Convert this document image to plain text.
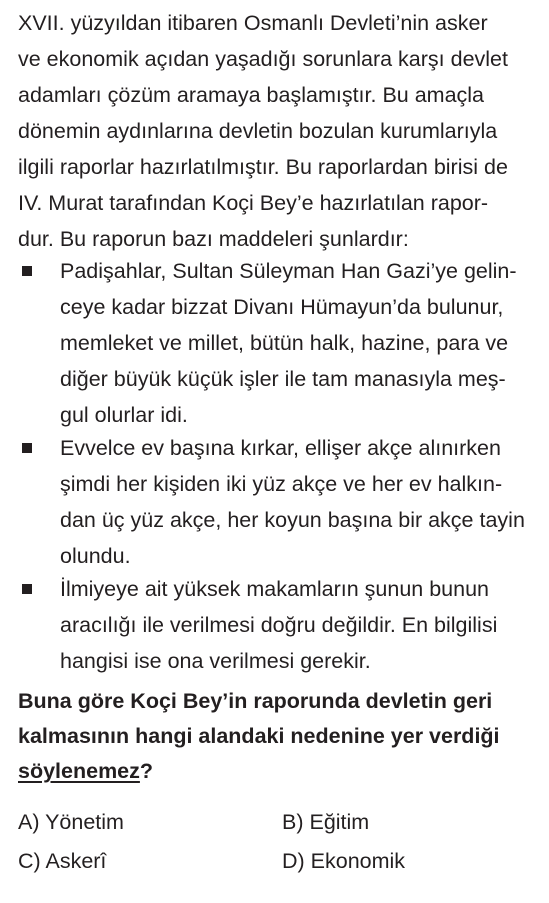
XVII. yüzyıldan itibaren Osmanlı Devleti’nin asker
ve ekonomik açıdan yaşadığı sorunlara karşı devlet
adamları çözüm aramaya başlamıştır. Bu amaçla
dönemin aydınlarına devletin bozulan kurumlarıyla
ilgili raporlar hazırlatılmıştır. Bu raporlardan birisi de
IV. Murat tarafından Koçi Bey’e hazırlatılan rapor-
dur. Bu raporun bazı maddeleri şunlardır:
Padişahlar, Sultan Süleyman Han Gazi’ye gelin-
ceye kadar bizzat Divanı Hümayun’da bulunur,
memleket ve millet, bütün halk, hazine, para ve
diğer büyük küçük işler ile tam manasıyla meş-
gul olurlar idi.
Evvelce ev başına kırkar, ellişer akçe alınırken
şimdi her kişiden iki yüz akçe ve her ev halkın-
dan üç yüz akçe, her koyun başına bir akçe tayin
olundu.
İlmiyeye ait yüksek makamların şunun bunun
aracılığı ile verilmesi doğru değildir. En bilgilisi
hangisi ise ona verilmesi gerekir.
Buna göre Koçi Bey’in raporunda devletin geri
kalmasının hangi alandaki nedenine yer verdiği
söylenemez?
A) Yönetim	B) Eğitim
C) Askerî	D) Ekonomik
